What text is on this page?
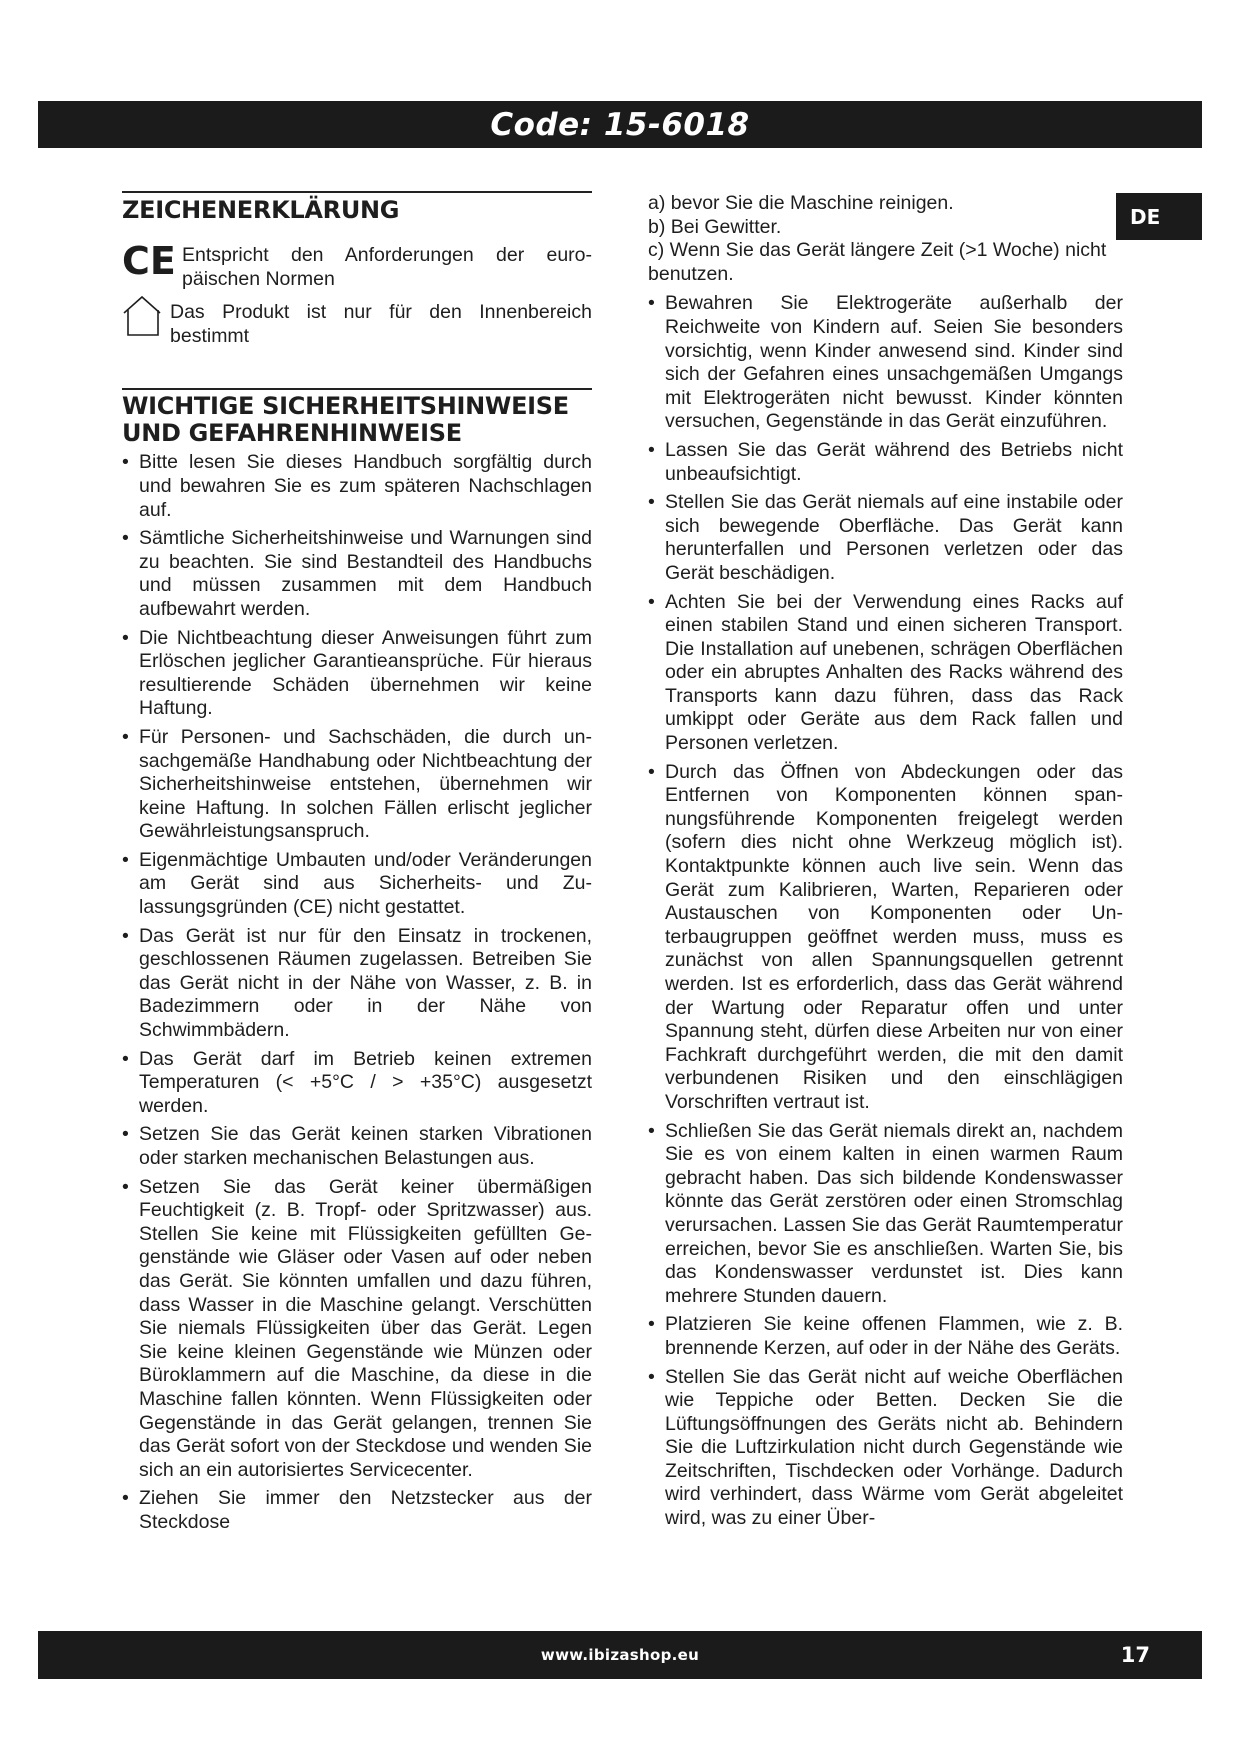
Code: 15-6018
DE
ZEICHENERKLÄRUNG
CE Entspricht den Anforderungen der europäischen Normen
Das Produkt ist nur für den Innenbereich bestimmt
WICHTIGE SICHERHEITSHINWEISE
UND GEFAHRENHINWEISE
• Bitte lesen Sie dieses Handbuch sorgfältig durch und bewahren Sie es zum späteren Nachschlagen auf.
• Sämtliche Sicherheitshinweise und Warnungen sind zu beachten. Sie sind Bestandteil des Handbuchs und müssen zusammen mit dem Handbuch aufbewahrt werden.
• Die Nichtbeachtung dieser Anweisungen führt zum Erlöschen jeglicher Garantieansprüche. Für hieraus resultierende Schäden übernehmen wir keine Haftung.
• Für Personen- und Sachschäden, die durch unsachgemäße Handhabung oder Nichtbeachtung der Sicherheitshinweise entstehen, übernehmen wir keine Haftung. In solchen Fällen erlischt jeglicher Gewährleistungsanspruch.
• Eigenmächtige Umbauten und/oder Veränderungen am Gerät sind aus Sicherheits- und Zulassungsgründen (CE) nicht gestattet.
• Das Gerät ist nur für den Einsatz in trockenen, geschlossenen Räumen zugelassen. Betreiben Sie das Gerät nicht in der Nähe von Wasser, z. B. in Badezimmern oder in der Nähe von Schwimmbädern.
• Das Gerät darf im Betrieb keinen extremen Temperaturen (< +5°C / > +35°C) ausgesetzt werden.
• Setzen Sie das Gerät keinen starken Vibrationen oder starken mechanischen Belastungen aus.
• Setzen Sie das Gerät keiner übermäßigen Feuchtigkeit (z. B. Tropf- oder Spritzwasser) aus. Stellen Sie keine mit Flüssigkeiten gefüllten Gegenstände wie Gläser oder Vasen auf oder neben das Gerät. Sie könnten umfallen und dazu führen, dass Wasser in die Maschine gelangt. Verschütten Sie niemals Flüssigkeiten über das Gerät. Legen Sie keine kleinen Gegenstände wie Münzen oder Büroklammern auf die Maschine, da diese in die Maschine fallen könnten. Wenn Flüssigkeiten oder Gegenstände in das Gerät gelangen, trennen Sie das Gerät sofort von der Steckdose und wenden Sie sich an ein autorisiertes Servicecenter.
• Ziehen Sie immer den Netzstecker aus der Steckdose

a) bevor Sie die Maschine reinigen.

b) Bei Gewitter.

c) Wenn Sie das Gerät längere Zeit (>1 Woche) nicht benutzen.

• Bewahren Sie Elektrogeräte außerhalb der Reichweite von Kindern auf. Seien Sie besonders vorsichtig, wenn Kinder anwesend sind. Kinder sind sich der Gefahren eines unsachgemäßen Umgangs mit Elektrogeräten nicht bewusst. Kinder könnten versuchen, Gegenstände in das Gerät einzuführen.
• Lassen Sie das Gerät während des Betriebs nicht unbeaufsichtigt.
• Stellen Sie das Gerät niemals auf eine instabile oder sich bewegende Oberfläche. Das Gerät kann herunterfallen und Personen verletzen oder das Gerät beschädigen.
• Achten Sie bei der Verwendung eines Racks auf einen stabilen Stand und einen sicheren Transport. Die Installation auf unebenen, schrägen Oberflächen oder ein abruptes Anhalten des Racks während des Transports kann dazu führen, dass das Rack umkippt oder Geräte aus dem Rack fallen und Personen verletzen.
• Durch das Öffnen von Abdeckungen oder das Entfernen von Komponenten können spannungsführende Komponenten freigelegt werden (sofern dies nicht ohne Werkzeug möglich ist). Kontaktpunkte können auch live sein. Wenn das Gerät zum Kalibrieren, Warten, Reparieren oder Austauschen von Komponenten oder Unterbaugruppen geöffnet werden muss, muss es zunächst von allen Spannungsquellen getrennt werden. Ist es erforderlich, dass das Gerät während der Wartung oder Reparatur offen und unter Spannung steht, dürfen diese Arbeiten nur von einer Fachkraft durchgeführt werden, die mit den damit verbundenen Risiken und den einschlägigen Vorschriften vertraut ist.
• Schließen Sie das Gerät niemals direkt an, nachdem Sie es von einem kalten in einen warmen Raum gebracht haben. Das sich bildende Kondenswasser könnte das Gerät zerstören oder einen Stromschlag verursachen. Lassen Sie das Gerät Raumtemperatur erreichen, bevor Sie es anschließen. Warten Sie, bis das Kondenswasser verdunstet ist. Dies kann mehrere Stunden dauern.
• Platzieren Sie keine offenen Flammen, wie z. B. brennende Kerzen, auf oder in der Nähe des Geräts.
• Stellen Sie das Gerät nicht auf weiche Oberflächen wie Teppiche oder Betten. Decken Sie die Lüftungsöffnungen des Geräts nicht ab. Behindern Sie die Luftzirkulation nicht durch Gegenstände wie Zeitschriften, Tischdecken oder Vorhänge. Dadurch wird verhindert, dass Wärme vom Gerät abgeleitet wird, was zu einer Über-
www.ibizashop.eu	17
